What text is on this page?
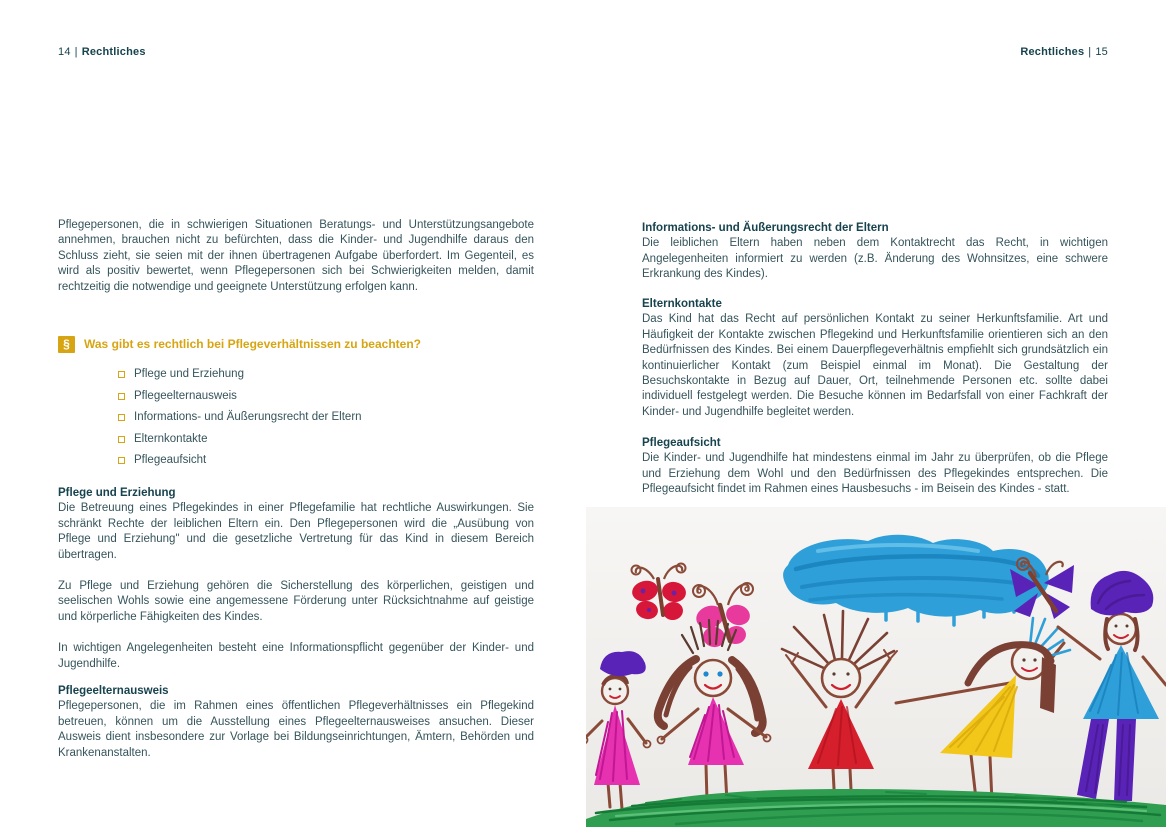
14 | Rechtliches	Rechtliches | 15

Pflegepersonen, die in schwierigen Situationen Beratungs- und Unterstützungsangebote annehmen, brauchen nicht zu befürchten, dass die Kinder- und Jugendhilfe daraus den Schluss zieht, sie seien mit der ihnen übertragenen Aufgabe überfordert. Im Gegenteil, es wird als positiv bewertet, wenn Pflegepersonen sich bei Schwierigkeiten melden, damit rechtzeitig die notwendige und geeignete Unterstützung erfolgen kann.

§	Was gibt es rechtlich bei Pflegeverhältnissen zu beachten?
Pflege und Erziehung
Pflegeelternausweis
Informations- und Äußerungsrecht der Eltern
Elternkontakte
Pflegeaufsicht
Pflege und Erziehung

Die Betreuung eines Pflegekindes in einer Pflegefamilie hat rechtliche Auswirkungen. Sie schränkt Rechte der leiblichen Eltern ein. Den Pflegepersonen wird die „Ausübung von Pflege und Erziehung" und die gesetzliche Vertretung für das Kind in diesem Bereich übertragen.

Zu Pflege und Erziehung gehören die Sicherstellung des körperlichen, geistigen und seelischen Wohls sowie eine angemessene Förderung unter Rücksichtnahme auf geistige und körperliche Fähigkeiten des Kindes.

In wichtigen Angelegenheiten besteht eine Informationspflicht gegenüber der Kinder- und Jugendhilfe.

Pflegeelternausweis

Pflegepersonen, die im Rahmen eines öffentlichen Pflegeverhältnisses ein Pflegekind betreuen, können um die Ausstellung eines Pflegeelternausweises ansuchen. Dieser Ausweis dient insbesondere zur Vorlage bei Bildungseinrichtungen, Ämtern, Behörden und Krankenanstalten.

Informations- und Äußerungsrecht der Eltern

Die leiblichen Eltern haben neben dem Kontaktrecht das Recht, in wichtigen Angelegenheiten informiert zu werden (z.B. Änderung des Wohnsitzes, eine schwere Erkrankung des Kindes).

Elternkontakte

Das Kind hat das Recht auf persönlichen Kontakt zu seiner Herkunftsfamilie. Art und Häufigkeit der Kontakte zwischen Pflegekind und Herkunftsfamilie orientieren sich an den Bedürfnissen des Kindes. Bei einem Dauerpflegeverhältnis empfiehlt sich grundsätzlich ein kontinuierlicher Kontakt (zum Beispiel einmal im Monat). Die Gestaltung der Besuchskontakte in Bezug auf Dauer, Ort, teilnehmende Personen etc. sollte dabei individuell festgelegt werden. Die Besuche können im Bedarfsfall von einer Fachkraft der Kinder- und Jugendhilfe begleitet werden.

Pflegeaufsicht

Die Kinder- und Jugendhilfe hat mindestens einmal im Jahr zu überprüfen, ob die Pflege und Erziehung dem Wohl und den Bedürfnissen des Pflegekindes entsprechen. Die Pflegeaufsicht findet im Rahmen eines Hausbesuchs - im Beisein des Kindes - statt.
